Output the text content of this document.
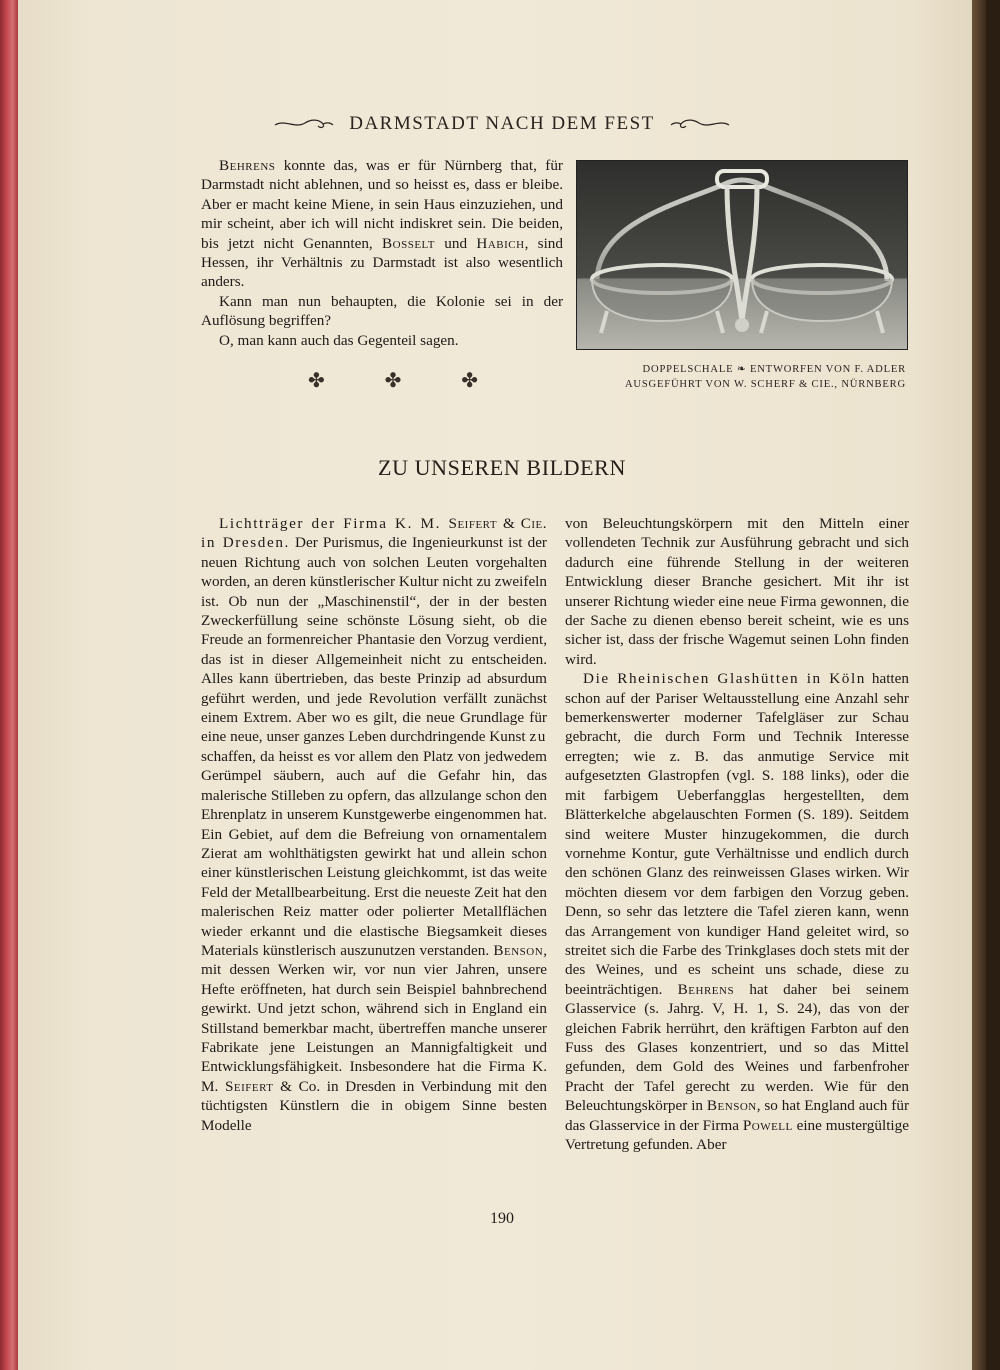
DARMSTADT NACH DEM FEST

Behrens konnte das, was er für Nürnberg that, für Darmstadt nicht ablehnen, und so heisst es, dass er bleibe. Aber er macht keine Miene, in sein Haus einzuziehen, und mir scheint, aber ich will nicht indiskret sein. Die beiden, bis jetzt nicht Genannten, Bosselt und Habich, sind Hessen, ihr Verhältnis zu Darmstadt ist also wesentlich anders.

Kann man nun behaupten, die Kolonie sei in der Auflösung begriffen?

O, man kann auch das Gegenteil sagen.

✤	✤	✤
DOPPELSCHALE ❧ ENTWORFEN VON F. ADLER
AUSGEFÜHRT VON W. SCHERF & CIE., NÜRNBERG
ZU UNSEREN BILDERN

Lichtträger der Firma K. M. Seifert & Cie. in Dresden. Der Purismus, die Ingenieurkunst ist der neuen Richtung auch von solchen Leuten vorgehalten worden, an deren künstlerischer Kultur nicht zu zweifeln ist. Ob nun der „Maschinenstil“, der in der besten Zweckerfüllung seine schönste Lösung sieht, ob die Freude an formenreicher Phantasie den Vorzug verdient, das ist in dieser Allgemeinheit nicht zu entscheiden. Alles kann übertrieben, das beste Prinzip ad absurdum geführt werden, und jede Revolution verfällt zunächst einem Extrem. Aber wo es gilt, die neue Grundlage für eine neue, unser ganzes Leben durchdringende Kunst zu schaffen, da heisst es vor allem den Platz von jedwedem Gerümpel säubern, auch auf die Gefahr hin, das malerische Stilleben zu opfern, das allzulange schon den Ehrenplatz in unserem Kunstgewerbe eingenommen hat. Ein Gebiet, auf dem die Befreiung von ornamentalem Zierat am wohlthätigsten gewirkt hat und allein schon einer künstlerischen Leistung gleichkommt, ist das weite Feld der Metallbearbeitung. Erst die neueste Zeit hat den malerischen Reiz matter oder polierter Metallflächen wieder erkannt und die elastische Biegsamkeit dieses Materials künstlerisch auszunutzen verstanden. Benson, mit dessen Werken wir, vor nun vier Jahren, unsere Hefte eröffneten, hat durch sein Beispiel bahnbrechend gewirkt. Und jetzt schon, während sich in England ein Stillstand bemerkbar macht, übertreffen manche unserer Fabrikate jene Leistungen an Mannigfaltigkeit und Entwicklungsfähigkeit. Insbesondere hat die Firma K. M. Seifert & Co. in Dresden in Verbindung mit den tüchtigsten Künstlern die in obigem Sinne besten Modelle

von Beleuchtungskörpern mit den Mitteln einer vollendeten Technik zur Ausführung gebracht und sich dadurch eine führende Stellung in der weiteren Entwicklung dieser Branche gesichert. Mit ihr ist unserer Richtung wieder eine neue Firma gewonnen, die der Sache zu dienen ebenso bereit scheint, wie es uns sicher ist, dass der frische Wagemut seinen Lohn finden wird.

Die Rheinischen Glashütten in Köln hatten schon auf der Pariser Weltausstellung eine Anzahl sehr bemerkenswerter moderner Tafelgläser zur Schau gebracht, die durch Form und Technik Interesse erregten; wie z. B. das anmutige Service mit aufgesetzten Glastropfen (vgl. S. 188 links), oder die mit farbigem Ueberfangglas hergestellten, dem Blätterkelche abgelauschten Formen (S. 189). Seitdem sind weitere Muster hinzugekommen, die durch vornehme Kontur, gute Verhältnisse und endlich durch den schönen Glanz des reinweissen Glases wirken. Wir möchten diesem vor dem farbigen den Vorzug geben. Denn, so sehr das letztere die Tafel zieren kann, wenn das Arrangement von kundiger Hand geleitet wird, so streitet sich die Farbe des Trinkglases doch stets mit der des Weines, und es scheint uns schade, diese zu beeinträchtigen. Behrens hat daher bei seinem Glasservice (s. Jahrg. V, H. 1, S. 24), das von der gleichen Fabrik herrührt, den kräftigen Farbton auf den Fuss des Glases konzentriert, und so das Mittel gefunden, dem Gold des Weines und farbenfroher Pracht der Tafel gerecht zu werden. Wie für den Beleuchtungskörper in Benson, so hat England auch für das Glasservice in der Firma Powell eine mustergültige Vertretung gefunden. Aber

190
